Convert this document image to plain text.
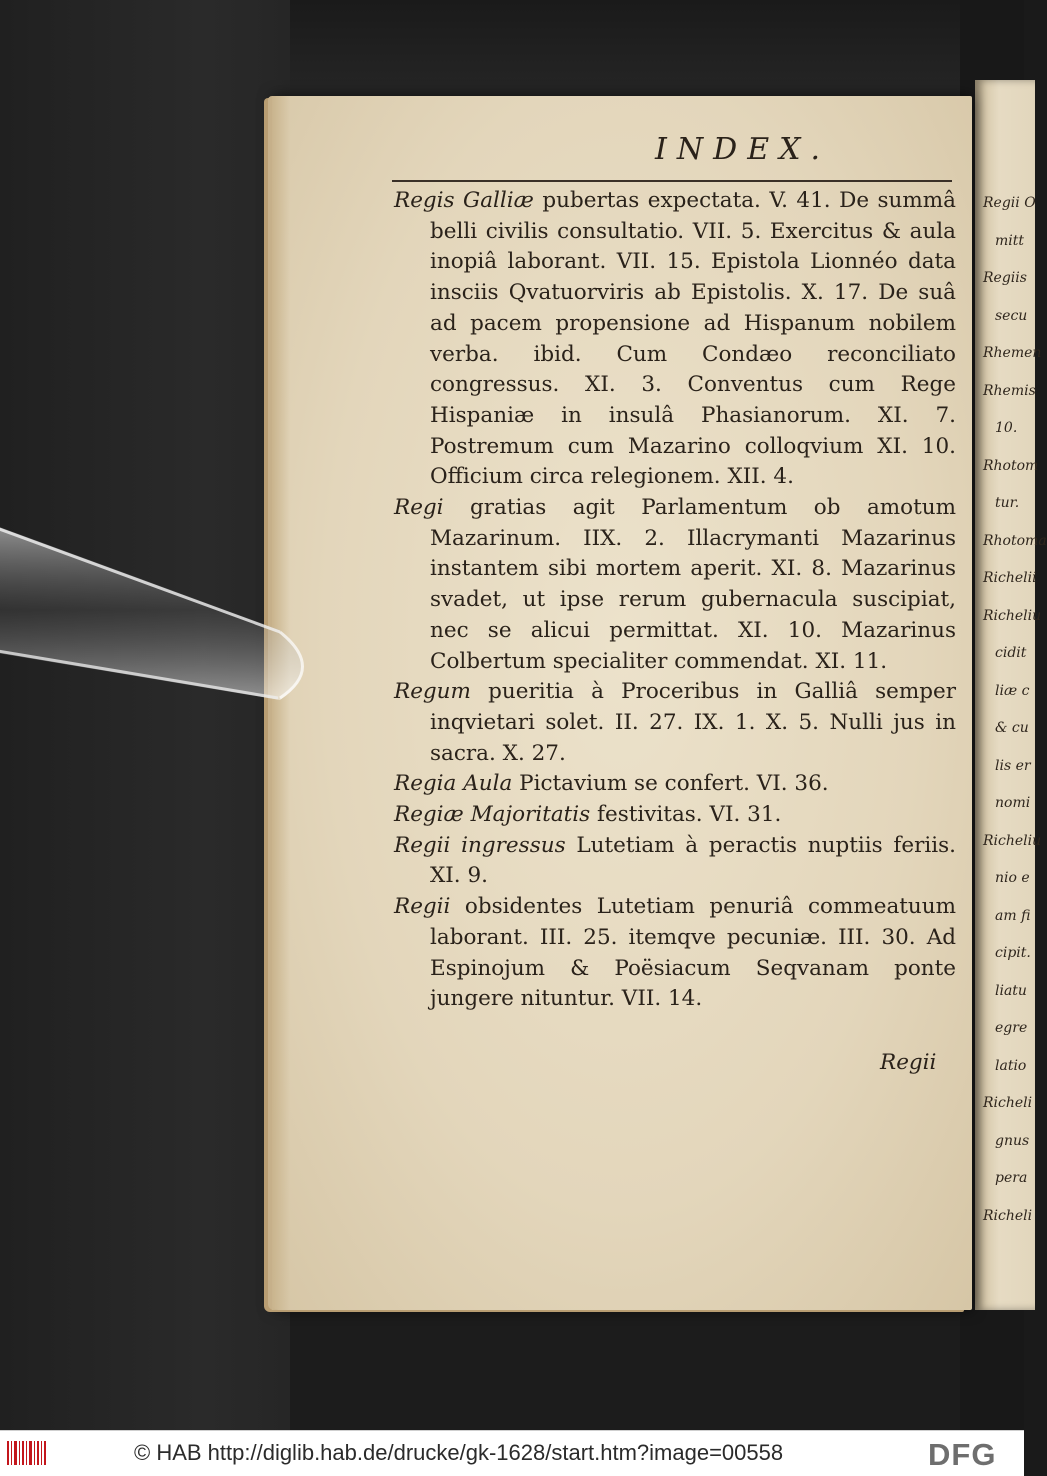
Regii O
mitt
Regiis
secu
Rhemen
Rhemis
10.
Rhotom
tur.
Rhotoma
Richelii
Richeliu
cidit
liæ c
& cu
lis er
nomi
Richeliu
nio e
am fi
cipit.
liatu
egre
latio
Richeli
gnus
pera
Richeli
INDEX.

Regis Galliæ pubertas expectata. V. 41. De summâ belli civilis consultatio. VII. 5. Exercitus & aula inopiâ laborant. VII. 15. Epistola Lionnéo data insciis Qvatuorviris ab Epistolis. X. 17. De suâ ad pacem propensione ad Hispanum nobilem verba. ibid. Cum Condæo reconciliato congressus. XI. 3. Conventus cum Rege Hispaniæ in insulâ Phasianorum. XI. 7. Postremum cum Mazarino colloqvium XI. 10. Officium circa relegionem. XII. 4.

Regi gratias agit Parlamentum ob amotum Mazarinum. IIX. 2. Illacrymanti Mazarinus instantem sibi mortem aperit. XI. 8. Mazarinus svadet, ut ipse rerum gubernacula suscipiat, nec se alicui permittat. XI. 10. Mazarinus Colbertum specialiter commendat. XI. 11.

Regum pueritia à Proceribus in Galliâ semper inqvietari solet. II. 27. IX. 1. X. 5. Nulli jus in sacra. X. 27.

Regia Aula Pictavium se confert. VI. 36.

Regiæ Majoritatis festivitas. VI. 31.

Regii ingressus Lutetiam à peractis nuptiis feriis. XI. 9.

Regii obsidentes Lutetiam penuriâ commeatuum laborant. III. 25. itemqve pecuniæ. III. 30. Ad Espinojum & Poësiacum Seqvanam ponte jungere nituntur. VII. 14.

Regii
© HAB http://diglib.hab.de/drucke/gk-1628/start.htm?image=00558	DFG
